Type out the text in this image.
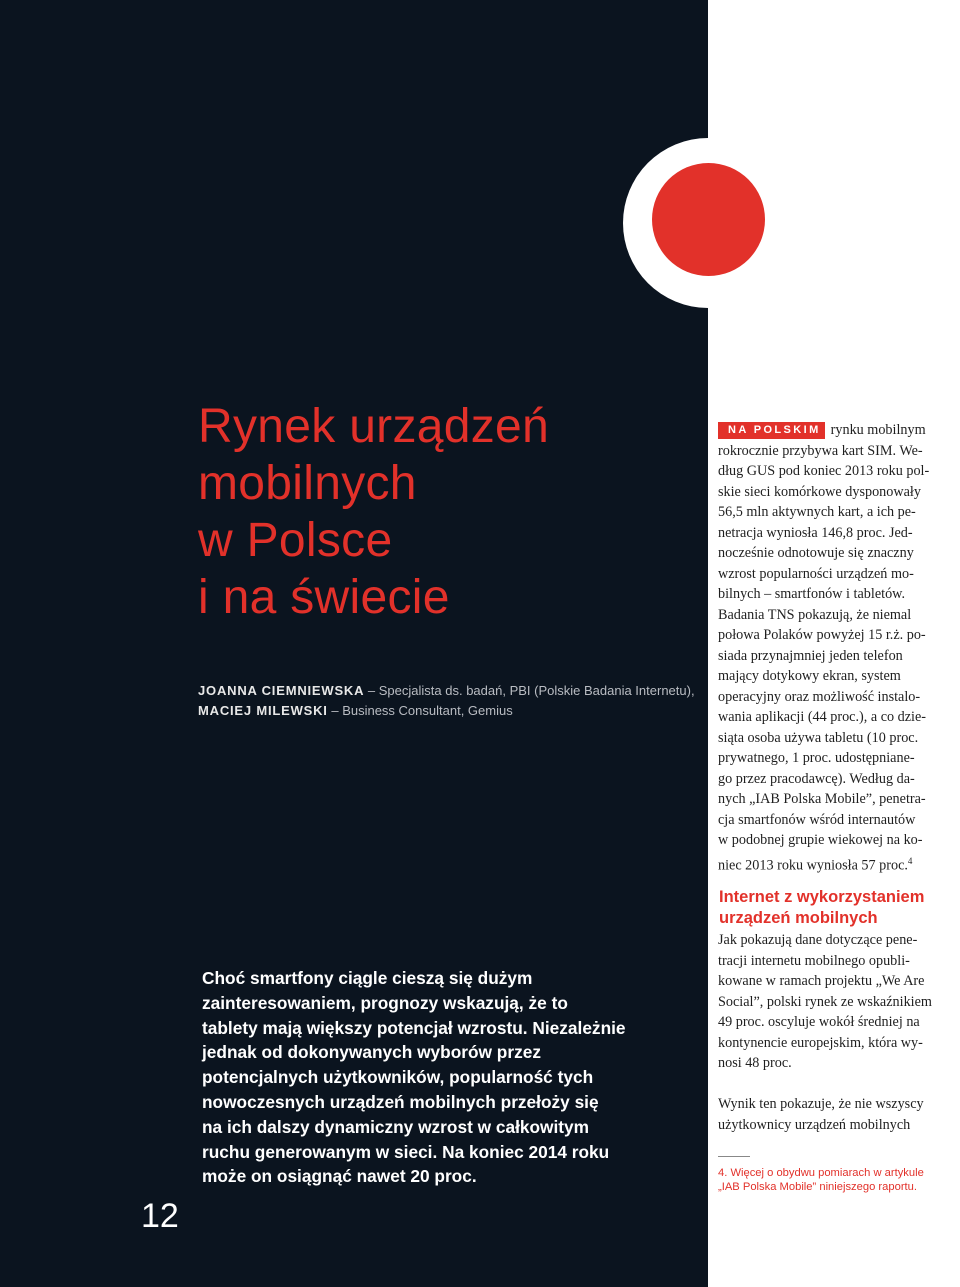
Rynek urządzeń
mobilnych
w Polsce
i na świecie
JOANNA CIEMNIEWSKA – Specjalista ds. badań, PBI (Polskie Badania Internetu),
MACIEJ MILEWSKI – Business Consultant, Gemius
Choć smartfony ciągle cieszą się dużym
zainteresowaniem, prognozy wskazują, że to
tablety mają większy potencjał wzrostu. Niezależnie
jednak od dokonywanych wyborów przez
potencjalnych użytkowników, popularność tych
nowoczesnych urządzeń mobilnych przełoży się
na ich dalszy dynamiczny wzrost w całkowitym
ruchu generowanym w sieci. Na koniec 2014 roku
może on osiągnąć nawet 20 proc.
12
NA POLSKIM rynku mobilnym
rokrocznie przybywa kart SIM. We-
dług GUS pod koniec 2013 roku pol-
skie sieci komórkowe dysponowały
56,5 mln aktywnych kart, a ich pe-
netracja wyniosła 146,8 proc. Jed-
nocześnie odnotowuje się znaczny
wzrost popularności urządzeń mo-
bilnych – smartfonów i tabletów.
Badania TNS pokazują, że niemal
połowa Polaków powyżej 15 r.ż. po-
siada przynajmniej jeden telefon
mający dotykowy ekran, system
operacyjny oraz możliwość instalo-
wania aplikacji (44 proc.), a co dzie-
siąta osoba używa tabletu (10 proc.
prywatnego, 1 proc. udostępniane-
go przez pracodawcę). Według da-
nych „IAB Polska Mobile”, penetra-
cja smartfonów wśród internautów
w podobnej grupie wiekowej na ko-
niec 2013 roku wyniosła 57 proc.$^4$
Internet z wykorzystaniem
urządzeń mobilnych
Jak pokazują dane dotyczące pene-
tracji internetu mobilnego opubli-
kowane w ramach projektu „We Are
Social”, polski rynek ze wskaźnikiem
49 proc. oscyluje wokół średniej na
kontynencie europejskim, która wy-
nosi 48 proc.
Wynik ten pokazuje, że nie wszyscy
użytkownicy urządzeń mobilnych
4. Więcej o obydwu pomiarach w artykule
„IAB Polska Mobile” niniejszego raportu.
